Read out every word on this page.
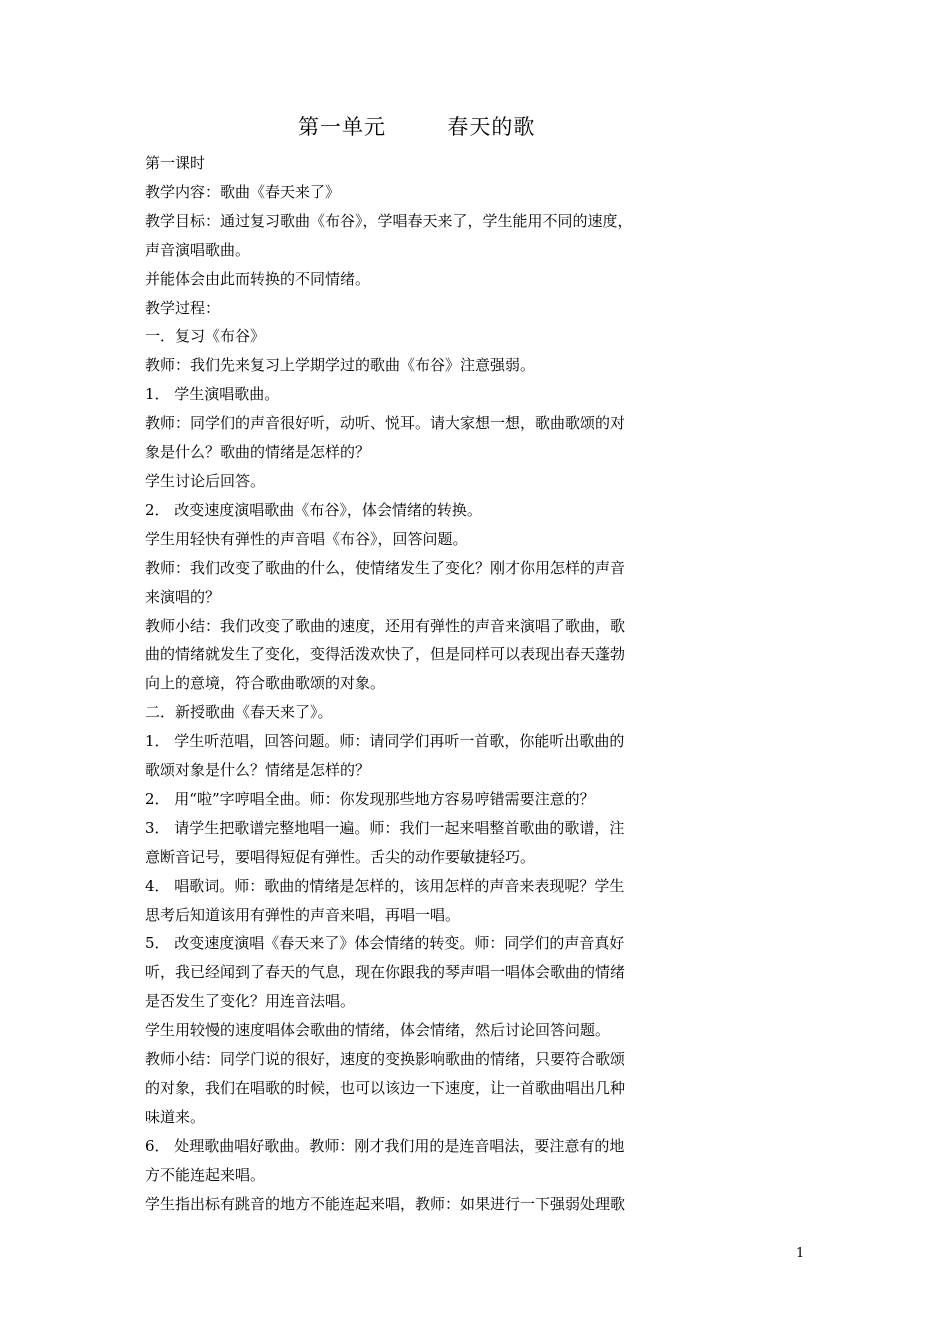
第一单元        春天的歌
第一课时
教学内容：歌曲《春天来了》
教学目标：通过复习歌曲《布谷》，学唱春天来了，学生能用不同的速度，
声音演唱歌曲。
并能体会由此而转换的不同情绪。
教学过程：
一．复习《布谷》
教师：我们先来复习上学期学过的歌曲《布谷》注意强弱。
1． 学生演唱歌曲。
教师：同学们的声音很好听，动听、悦耳。请大家想一想，歌曲歌颂的对
象是什么？歌曲的情绪是怎样的？
学生讨论后回答。
2． 改变速度演唱歌曲《布谷》，体会情绪的转换。
学生用轻快有弹性的声音唱《布谷》，回答问题。
教师：我们改变了歌曲的什么，使情绪发生了变化？刚才你用怎样的声音
来演唱的？
教师小结：我们改变了歌曲的速度，还用有弹性的声音来演唱了歌曲，歌
曲的情绪就发生了变化，变得活泼欢快了，但是同样可以表现出春天蓬勃
向上的意境，符合歌曲歌颂的对象。
二．新授歌曲《春天来了》。
1． 学生听范唱，回答问题。师：请同学们再听一首歌，你能听出歌曲的
歌颂对象是什么？情绪是怎样的？
2． 用“啦”字哼唱全曲。师：你发现那些地方容易哼错需要注意的？
3． 请学生把歌谱完整地唱一遍。师：我们一起来唱整首歌曲的歌谱，注
意断音记号，要唱得短促有弹性。舌尖的动作要敏捷轻巧。
4． 唱歌词。师：歌曲的情绪是怎样的，该用怎样的声音来表现呢？学生
思考后知道该用有弹性的声音来唱，再唱一唱。
5． 改变速度演唱《春天来了》体会情绪的转变。师：同学们的声音真好
听，我已经闻到了春天的气息，现在你跟我的琴声唱一唱体会歌曲的情绪
是否发生了变化？用连音法唱。
学生用较慢的速度唱体会歌曲的情绪，体会情绪，然后讨论回答问题。
教师小结：同学门说的很好，速度的变换影响歌曲的情绪，只要符合歌颂
的对象，我们在唱歌的时候，也可以该边一下速度，让一首歌曲唱出几种
味道来。
6． 处理歌曲唱好歌曲。教师：刚才我们用的是连音唱法，要注意有的地
方不能连起来唱。
学生指出标有跳音的地方不能连起来唱，教师：如果进行一下强弱处理歌
1
